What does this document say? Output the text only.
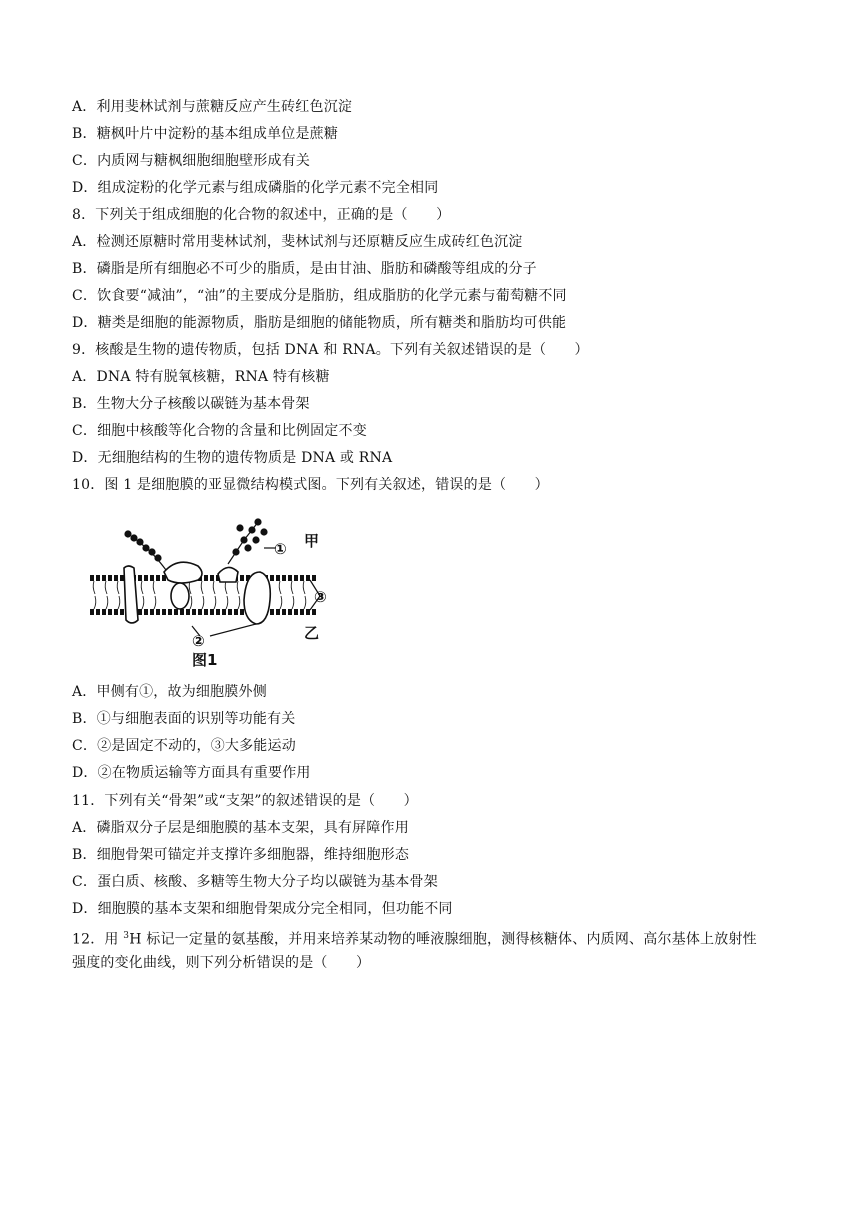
A．利用斐林试剂与蔗糖反应产生砖红色沉淀
B．糖枫叶片中淀粉的基本组成单位是蔗糖
C．内质网与糖枫细胞细胞壁形成有关
D．组成淀粉的化学元素与组成磷脂的化学元素不完全相同
8．下列关于组成细胞的化合物的叙述中，正确的是（　　）
A．检测还原糖时常用斐林试剂，斐林试剂与还原糖反应生成砖红色沉淀
B．磷脂是所有细胞必不可少的脂质，是由甘油、脂肪和磷酸等组成的分子
C．饮食要“减油”，“油”的主要成分是脂肪，组成脂肪的化学元素与葡萄糖不同
D．糖类是细胞的能源物质，脂肪是细胞的储能物质，所有糖类和脂肪均可供能
9．核酸是生物的遗传物质，包括 DNA 和 RNA。下列有关叙述错误的是（　　）
A．DNA 特有脱氧核糖，RNA 特有核糖
B．生物大分子核酸以碳链为基本骨架
C．细胞中核酸等化合物的含量和比例固定不变
D．无细胞结构的生物的遗传物质是 DNA 或 RNA
10．图 1 是细胞膜的亚显微结构模式图。下列有关叙述，错误的是（　　）
① 甲
③
乙
②
图1
A．甲侧有①，故为细胞膜外侧
B．①与细胞表面的识别等功能有关
C．②是固定不动的，③大多能运动
D．②在物质运输等方面具有重要作用
11．下列有关“骨架”或“支架”的叙述错误的是（　　）
A．磷脂双分子层是细胞膜的基本支架，具有屏障作用
B．细胞骨架可锚定并支撑许多细胞器，维持细胞形态
C．蛋白质、核酸、多糖等生物大分子均以碳链为基本骨架
D．细胞膜的基本支架和细胞骨架成分完全相同，但功能不同
12．用 $^3$H 标记一定量的氨基酸，并用来培养某动物的唾液腺细胞，测得核糖体、内质网、高尔基体上放射性
强度的变化曲线，则下列分析错误的是（　　）
